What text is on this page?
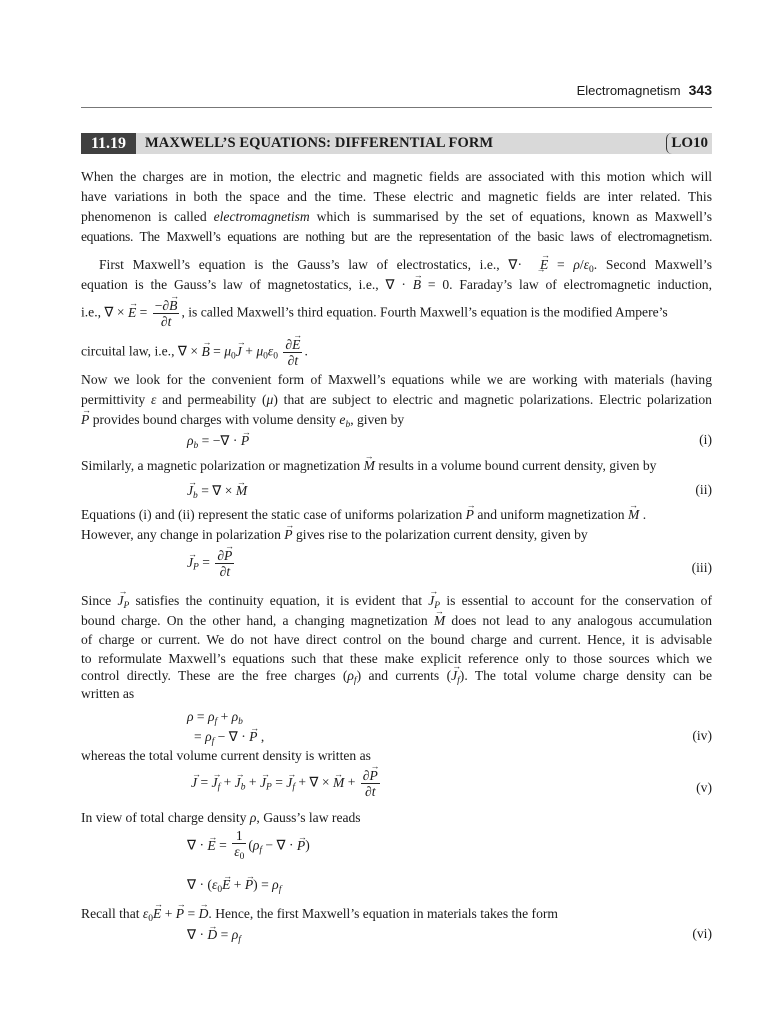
Electromagnetism 343
11.19	MAXWELL’S EQUATIONS: DIFFERENTIAL FORM	LO10
When the charges are in motion, the electric and magnetic fields are associated with this motion which will
have variations in both the space and the time. These electric and magnetic fields are inter related. This
phenomenon is called electromagnetism which is summarised by the set of equations, known as Maxwell’s
equations. The Maxwell’s equations are nothing but are the representation of the basic laws of electromagnetism.
First Maxwell’s equation is the Gauss’s law of electrostatics, i.e., ∇· → $E = \rho/\varepsilon_0$. Second Maxwell’s
equation is the Gauss’s law of magnetostatics, i.e., ∇ · → B = 0. Faraday’s law of electromagnetic induction,
i.e., ∇ × → $E = \frac{-\partial\to B}{\partial t}$ , is called Maxwell’s third equation. Fourth Maxwell’s equation is the modified Ampere’s
circuital law, i.e., ∇ × → $B = \mu_0\to J + \mu_0\varepsilon_0 \frac{\partial\to E}{\partial t}$ .
Now we look for the convenient form of Maxwell’s equations while we are working with materials (having
permittivity ε and permeability (μ) that are subject to electric and magnetic polarizations. Electric polarization
→ P provides bound charges with volume density $e_b$, given by
$\rho_b$ = −∇ · → P	(i)
Similarly, a magnetic polarization or magnetization → M results in a volume bound current density, given by
→ $J_b$ = ∇ × → M	(ii)
Equations (i) and (ii) represent the static case of uniforms polarization → P and uniform magnetization → M .
However, any change in polarization → P gives rise to the polarization current density, given by
→ $J_P = \frac{\partial\to P}{\partial t}$	(iii)
Since → $J_P$ satisfies the continuity equation, it is evident that → $J_P$ is essential to account for the conservation of
bound charge. On the other hand, a changing magnetization → M does not lead to any analogous accumulation
of charge or current. We do not have direct control on the bound charge and current. Hence, it is advisable
to reformulate Maxwell’s equations such that these make explicit reference only to those sources which we
control directly. These are the free charges $(\rho_f)$ and currents (→ $J_f$). The total volume charge density can be
written as
$\rho = \rho_f + \rho_b$
= $\rho_f$ − ∇ · → P ,	(iv)
whereas the total volume current density is written as
→ J = → $J_f$ + → $J_b$ + → $J_P$ = → $J_f$ + ∇ × → $M + \frac{\partial\to P}{\partial t}$	(v)
In view of total charge density ρ, Gauss’s law reads
∇ · → $E = \frac{1}{\varepsilon_0} (\rho_f$ − ∇ · → P)
∇ · ($\varepsilon_0\to E$ + → $P) = \rho_f$
Recall that $\varepsilon_0\to E$ + → P = → D. Hence, the first Maxwell’s equation in materials takes the form
∇ · → $D = \rho_f$	(vi)
